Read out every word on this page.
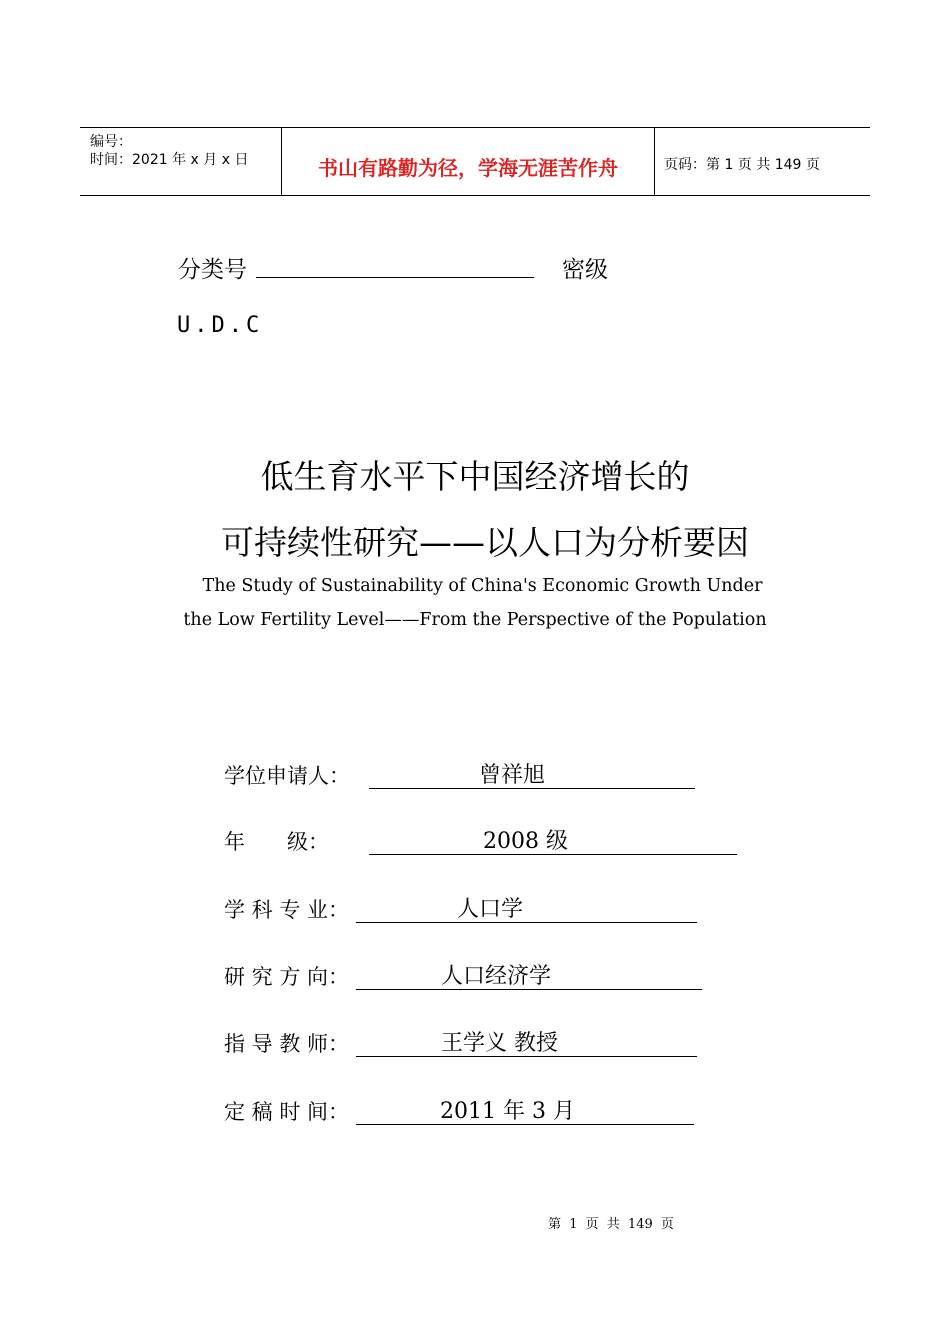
编号：
时间：2021 年 x 月 x 日	书山有路勤为径，学海无涯苦作舟	页码：第 1 页 共 149 页
分类号	密级
U.D.C
低生育水平下中国经济增长的
可持续性研究——以人口为分析要因
The Study of Sustainability of China's Economic Growth Under
the Low Fertility Level——From the Perspective of the Population
学位申请人：	曾祥旭
年　　级：	2008 级
学 科 专 业：	人口学
研 究 方 向：	人口经济学
指 导 教 师：	王学义 教授
定 稿 时 间：	2011 年 3 月
第 1 页 共 149 页
